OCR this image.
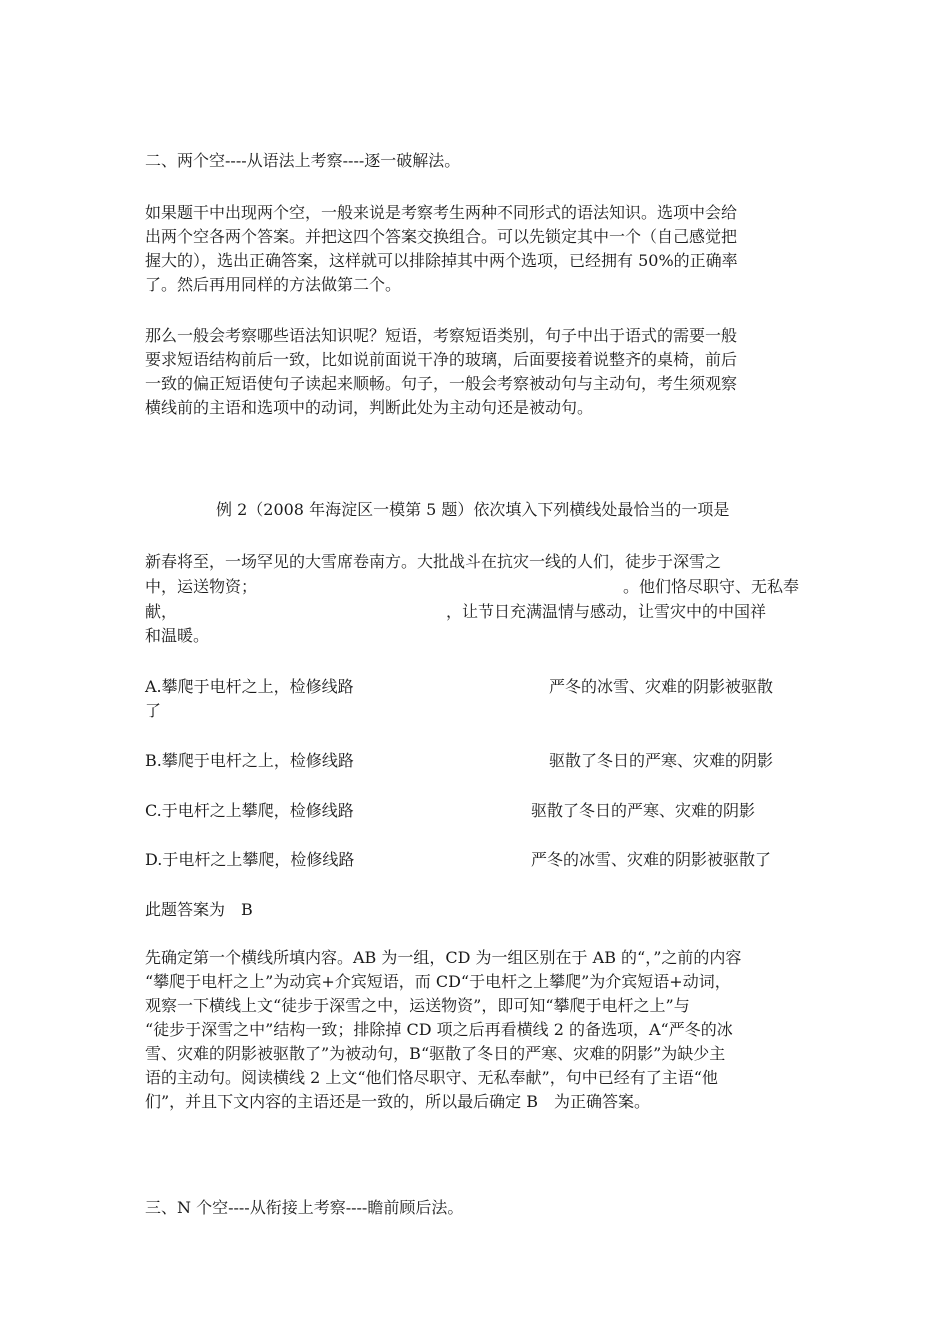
二、两个空----从语法上考察----逐一破解法。
如果题干中出现两个空，一般来说是考察考生两种不同形式的语法知识。选项中会给
出两个空各两个答案。并把这四个答案交换组合。可以先锁定其中一个（自己感觉把
握大的），选出正确答案，这样就可以排除掉其中两个选项，已经拥有 50%的正确率
了。然后再用同样的方法做第二个。
那么一般会考察哪些语法知识呢？短语，考察短语类别，句子中出于语式的需要一般
要求短语结构前后一致，比如说前面说干净的玻璃，后面要接着说整齐的桌椅，前后
一致的偏正短语使句子读起来顺畅。句子，一般会考察被动句与主动句，考生须观察
横线前的主语和选项中的动词，判断此处为主动句还是被动句。
例 2（2008 年海淀区一模第 5 题）依次填入下列横线处最恰当的一项是
新春将至，一场罕见的大雪席卷南方。大批战斗在抗灾一线的人们，徒步于深雪之
中，运送物资；	。他们恪尽职守、无私奉
献，	，让节日充满温情与感动，让雪灾中的中国祥
和温暖。
A.攀爬于电杆之上，检修线路	严冬的冰雪、灾难的阴影被驱散
了
B.攀爬于电杆之上，检修线路	驱散了冬日的严寒、灾难的阴影
C.于电杆之上攀爬，检修线路	驱散了冬日的严寒、灾难的阴影
D.于电杆之上攀爬，检修线路	严冬的冰雪、灾难的阴影被驱散了
此题答案为　B
先确定第一个横线所填内容。AB 为一组，CD 为一组区别在于 AB 的“，”之前的内容
“攀爬于电杆之上”为动宾+介宾短语，而 CD“于电杆之上攀爬”为介宾短语+动词，
观察一下横线上文“徒步于深雪之中，运送物资”，即可知“攀爬于电杆之上”与
“徒步于深雪之中”结构一致；排除掉 CD 项之后再看横线 2 的备选项，A“严冬的冰
雪、灾难的阴影被驱散了”为被动句，B“驱散了冬日的严寒、灾难的阴影”为缺少主
语的主动句。阅读横线 2 上文“他们恪尽职守、无私奉献”，句中已经有了主语“他
们”，并且下文内容的主语还是一致的，所以最后确定 B　为正确答案。
三、N 个空----从衔接上考察----瞻前顾后法。
